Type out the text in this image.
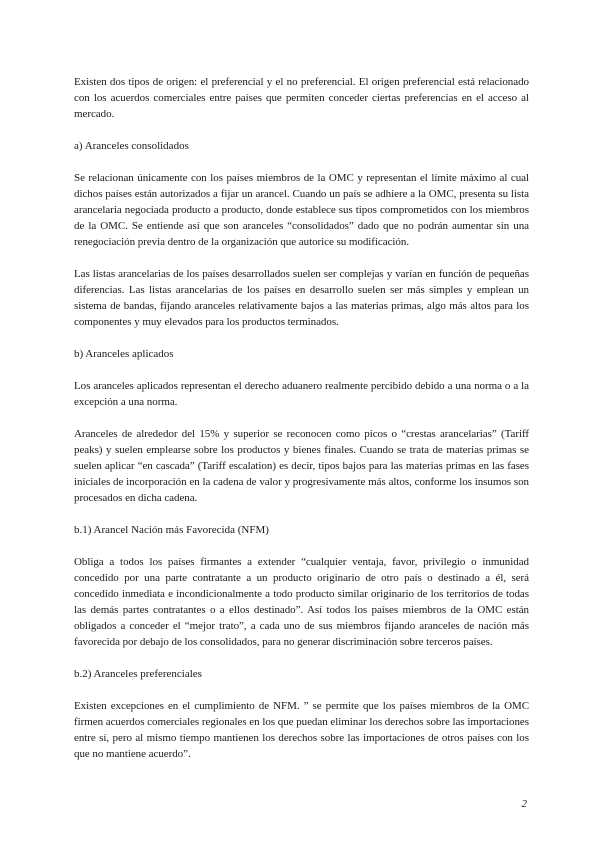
Existen dos tipos de origen: el preferencial y el no preferencial. El origen preferencial está relacionado con los acuerdos comerciales entre países que permiten conceder ciertas preferencias en el acceso al mercado.

a) Aranceles consolidados

Se relacionan únicamente con los países miembros de la OMC y representan el límite máximo al cual dichos países están autorizados a fijar un arancel. Cuando un país se adhiere a la OMC, presenta su lista arancelaria negociada producto a producto, donde establece sus tipos comprometidos con los miembros de la OMC. Se entiende así que son aranceles “consolidados” dado que no podrán aumentar sin una renegociación previa dentro de la organización que autorice su modificación.

Las listas arancelarias de los países desarrollados suelen ser complejas y varían en función de pequeñas diferencias. Las listas arancelarias de los países en desarrollo suelen ser más simples y emplean un sistema de bandas, fijando aranceles relativamente bajos a las materias primas, algo más altos para los componentes y muy elevados para los productos terminados.

b) Aranceles aplicados

Los aranceles aplicados representan el derecho aduanero realmente percibido debido a una norma o a la excepción a una norma.

Aranceles de alrededor del 15% y superior se reconocen como picos o “crestas arancelarias” (Tariff peaks) y suelen emplearse sobre los productos y bienes finales. Cuando se trata de materias primas se suelen aplicar “en cascada” (Tariff escalation) es decir, tipos bajos para las materias primas en las fases iniciales de incorporación en la cadena de valor y progresivamente más altos, conforme los insumos son procesados en dicha cadena.

b.1) Arancel Nación más Favorecida (NFM)

Obliga a todos los países firmantes a extender “cualquier ventaja, favor, privilegio o inmunidad concedido por una parte contratante a un producto originario de otro país o destinado a él, será concedido inmediata e incondicionalmente a todo producto similar originario de los territorios de todas las demás partes contratantes o a ellos destinado”. Así todos los países miembros de la OMC están obligados a conceder el “mejor trato”, a cada uno de sus miembros fijando aranceles de nación más favorecida por debajo de los consolidados, para no generar discriminación sobre terceros países.

b.2) Aranceles preferenciales

Existen excepciones en el cumplimiento de NFM. ” se permite que los países miembros de la OMC firmen acuerdos comerciales regionales en los que puedan eliminar los derechos sobre las importaciones entre sí, pero al mismo tiempo mantienen los derechos sobre las importaciones de otros países con los que no mantiene acuerdo”.

2
